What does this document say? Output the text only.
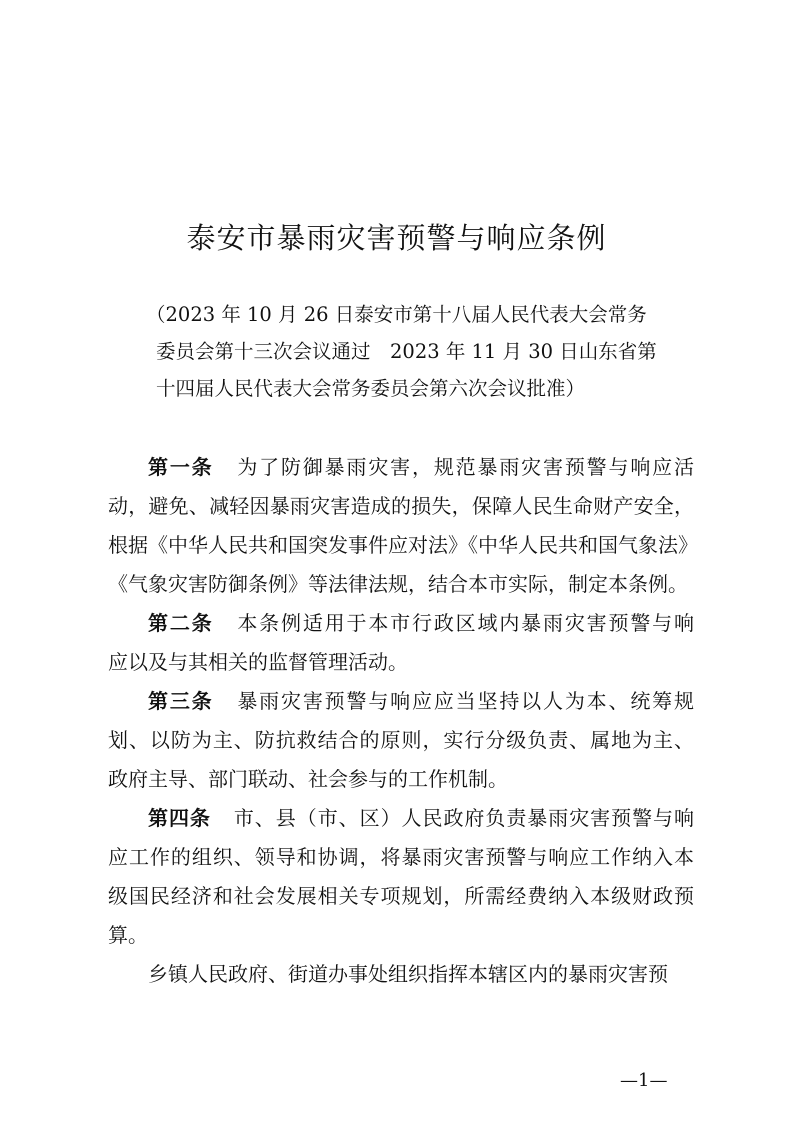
泰安市暴雨灾害预警与响应条例
（2023 年 10 月 26 日泰安市第十八届人民代表大会常务
委员会第十三次会议通过　2023 年 11 月 30 日山东省第
十四届人民代表大会常务委员会第六次会议批准）
第一条 为了防御暴雨灾害，规范暴雨灾害预警与响应活
动，避免、减轻因暴雨灾害造成的损失，保障人民生命财产安全，
根据《中华人民共和国突发事件应对法》《中华人民共和国气象法》
《气象灾害防御条例》等法律法规，结合本市实际，制定本条例。
第二条 本条例适用于本市行政区域内暴雨灾害预警与响
应以及与其相关的监督管理活动。
第三条 暴雨灾害预警与响应应当坚持以人为本、统筹规
划、以防为主、防抗救结合的原则，实行分级负责、属地为主、
政府主导、部门联动、社会参与的工作机制。
第四条 市、县（市、区）人民政府负责暴雨灾害预警与响
应工作的组织、领导和协调，将暴雨灾害预警与响应工作纳入本
级国民经济和社会发展相关专项规划，所需经费纳入本级财政预
算。
乡镇人民政府、街道办事处组织指挥本辖区内的暴雨灾害预
—1—
